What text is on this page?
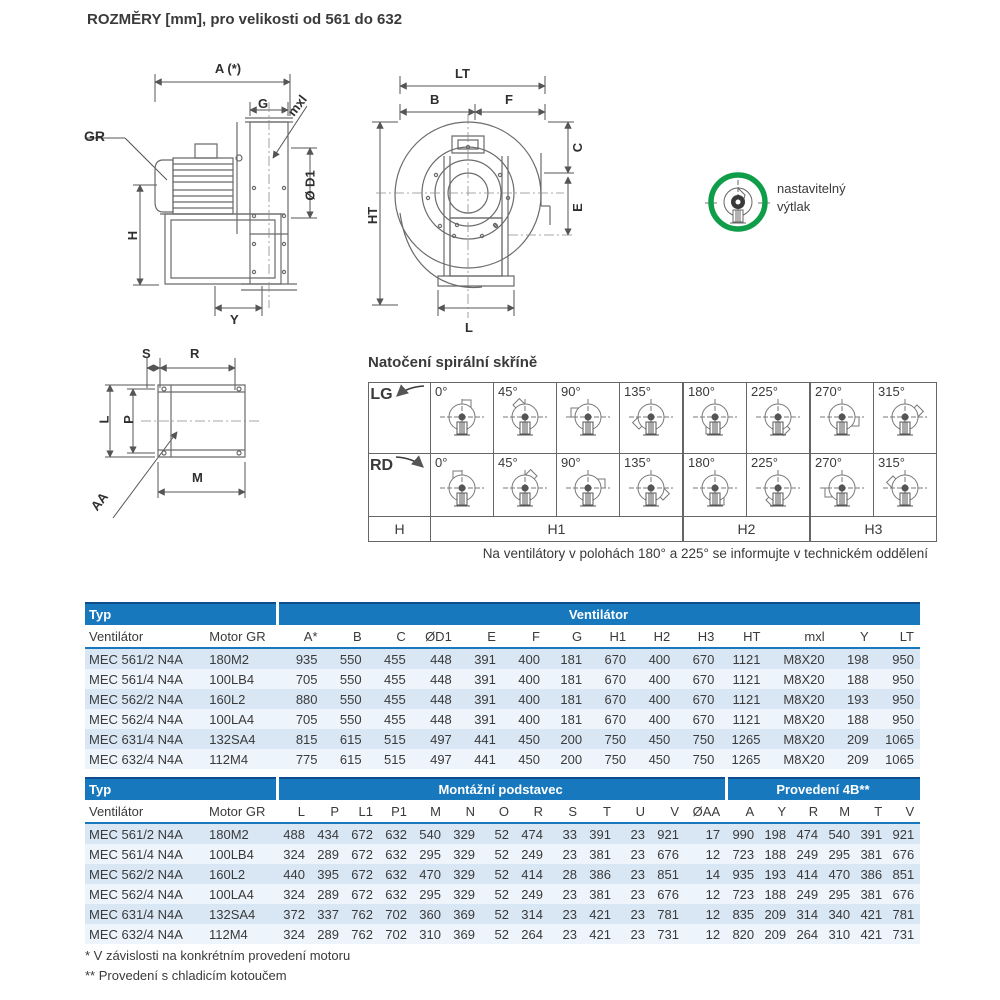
ROZMĚRY [mm], pro velikosti od 561 do 632
A (*)
G
GR
mxl
Ø D1
H
Y
S	R
L P
M
AA
LT
B	F
HT
C
E
L
nastavitelný
výtlak
Natočení spirální skříně
LG	0°	45°	90°	135°	180°	225°	270°	315°

RD	0°	45°	90°	135°	180°	225°	270°	315°

H	H1				H2		H3	
Na ventilátory v polohách 180° a 225° se informujte v technickém oddělení
Typ		Ventilátor													
Ventilátor	Motor GR	A*	B	C	ØD1	E	F	G	H1	H2	H3	HT	mxl	Y	LT
MEC 561/2 N4A	180M2	935	550	455	448	391	400	181	670	400	670	1121	M8X20	198	950
MEC 561/4 N4A	100LB4	705	550	455	448	391	400	181	670	400	670	1121	M8X20	188	950
MEC 562/2 N4A	160L2	880	550	455	448	391	400	181	670	400	670	1121	M8X20	193	950
MEC 562/4 N4A	100LA4	705	550	455	448	391	400	181	670	400	670	1121	M8X20	188	950
MEC 631/4 N4A	132SA4	815	615	515	497	441	450	200	750	450	750	1265	M8X20	209	1065
MEC 632/4 N4A	112M4	775	615	515	497	441	450	200	750	450	750	1265	M8X20	209	1065
Typ		Montážní podstavec													Provedení 4B**					
Ventilátor	Motor GR	L	P	L1	P1	M	N	O	R	S	T	U	V	ØAA	A	Y	R	M	T	V
MEC 561/2 N4A	180M2	488	434	672	632	540	329	52	474	33	391	23	921	17	990	198	474	540	391	921
MEC 561/4 N4A	100LB4	324	289	672	632	295	329	52	249	23	381	23	676	12	723	188	249	295	381	676
MEC 562/2 N4A	160L2	440	395	672	632	470	329	52	414	28	386	23	851	14	935	193	414	470	386	851
MEC 562/4 N4A	100LA4	324	289	672	632	295	329	52	249	23	381	23	676	12	723	188	249	295	381	676
MEC 631/4 N4A	132SA4	372	337	762	702	360	369	52	314	23	421	23	781	12	835	209	314	340	421	781
MEC 632/4 N4A	112M4	324	289	762	702	310	369	52	264	23	421	23	731	12	820	209	264	310	421	731
* V závislosti na konkrétním provedení motoru
** Provedení s chladicím kotoučem
